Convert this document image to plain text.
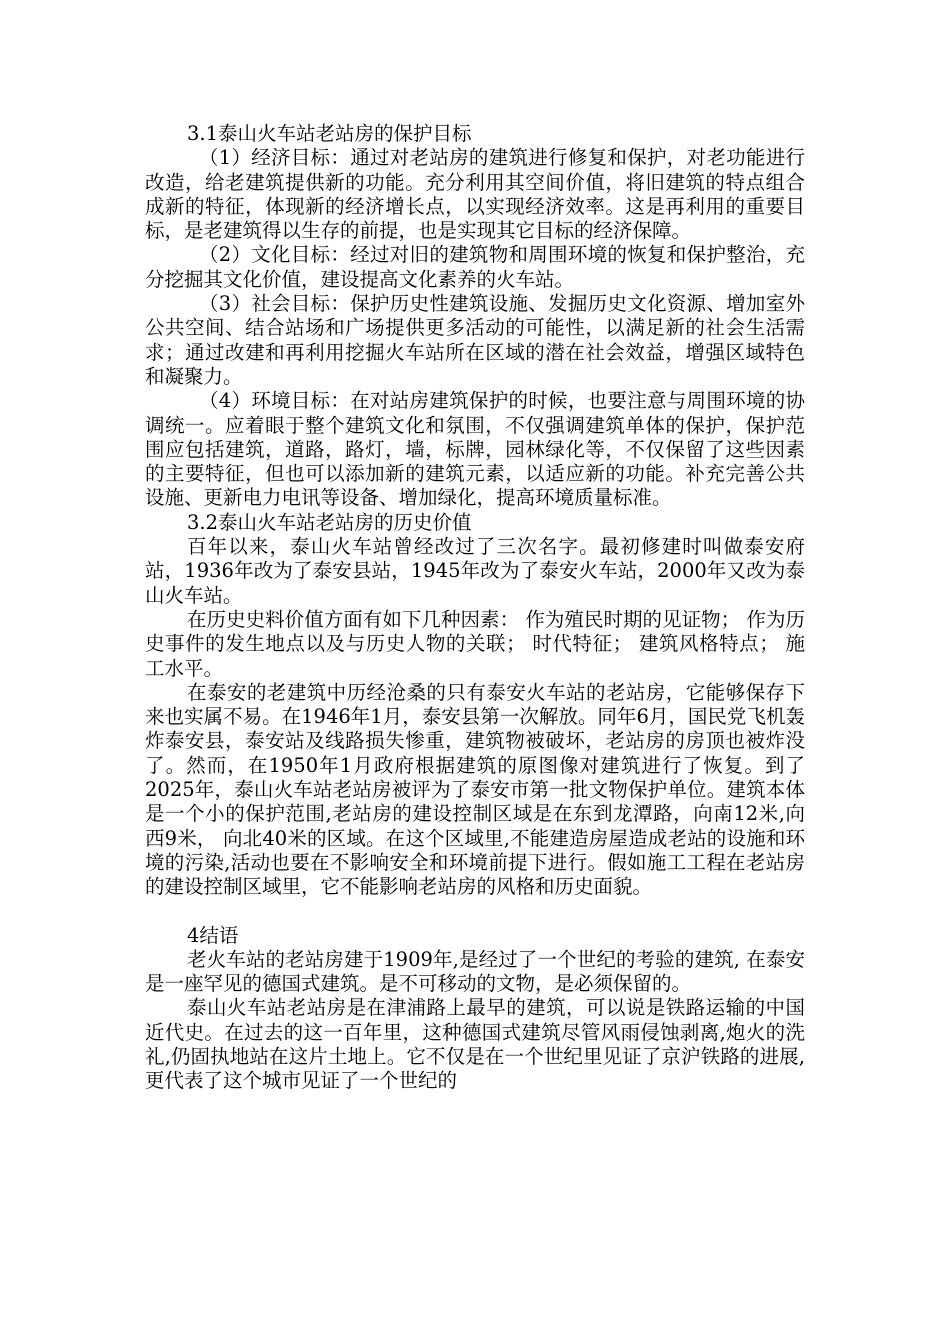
3.1泰山火车站老站房的保护目标

（1）经济目标：通过对老站房的建筑进行修复和保护，对老功能进行改造，给老建筑提供新的功能。充分利用其空间价值，将旧建筑的特点组合成新的特征，体现新的经济增长点，以实现经济效率。这是再利用的重要目标，是老建筑得以生存的前提，也是实现其它目标的经济保障。

（2）文化目标：经过对旧的建筑物和周围环境的恢复和保护整治，充分挖掘其文化价值，建设提高文化素养的火车站。

（3）社会目标：保护历史性建筑设施、发掘历史文化资源、增加室外公共空间、结合站场和广场提供更多活动的可能性，以满足新的社会生活需求；通过改建和再利用挖掘火车站所在区域的潜在社会效益，增强区域特色和凝聚力。

（4）环境目标：在对站房建筑保护的时候，也要注意与周围环境的协调统一。应着眼于整个建筑文化和氛围，不仅强调建筑单体的保护，保护范围应包括建筑，道路，路灯，墙，标牌，园林绿化等，不仅保留了这些因素的主要特征，但也可以添加新的建筑元素，以适应新的功能。补充完善公共设施、更新电力电讯等设备、增加绿化，提高环境质量标准。

3.2泰山火车站老站房的历史价值

百年以来，泰山火车站曾经改过了三次名字。最初修建时叫做泰安府站，1936年改为了泰安县站，1945年改为了泰安火车站，2000年又改为泰山火车站。

在历史史料价值方面有如下几种因素： 作为殖民时期的见证物； 作为历史事件的发生地点以及与历史人物的关联； 时代特征； 建筑风格特点； 施工水平。

在泰安的老建筑中历经沧桑的只有泰安火车站的老站房，它能够保存下来也实属不易。在1946年1月，泰安县第一次解放。同年6月，国民党飞机轰炸泰安县，泰安站及线路损失惨重，建筑物被破坏，老站房的房顶也被炸没了。然而，在1950年1月政府根据建筑的原图像对建筑进行了恢复。到了2025年，泰山火车站老站房被评为了泰安市第一批文物保护单位。建筑本体是一个小的保护范围,老站房的建设控制区域是在东到龙潭路，向南12米,向西9米， 向北40米的区域。在这个区域里,不能建造房屋造成老站的设施和环境的污染,活动也要在不影响安全和环境前提下进行。假如施工工程在老站房的建设控制区域里，它不能影响老站房的风格和历史面貌。

4结语

老火车站的老站房建于1909年,是经过了一个世纪的考验的建筑, 在泰安是一座罕见的德国式建筑。是不可移动的文物，是必须保留的。

泰山火车站老站房是在津浦路上最早的建筑，可以说是铁路运输的中国近代史。在过去的这一百年里，这种德国式建筑尽管风雨侵蚀剥离,炮火的洗礼,仍固执地站在这片土地上。它不仅是在一个世纪里见证了京沪铁路的进展,更代表了这个城市见证了一个世纪的
